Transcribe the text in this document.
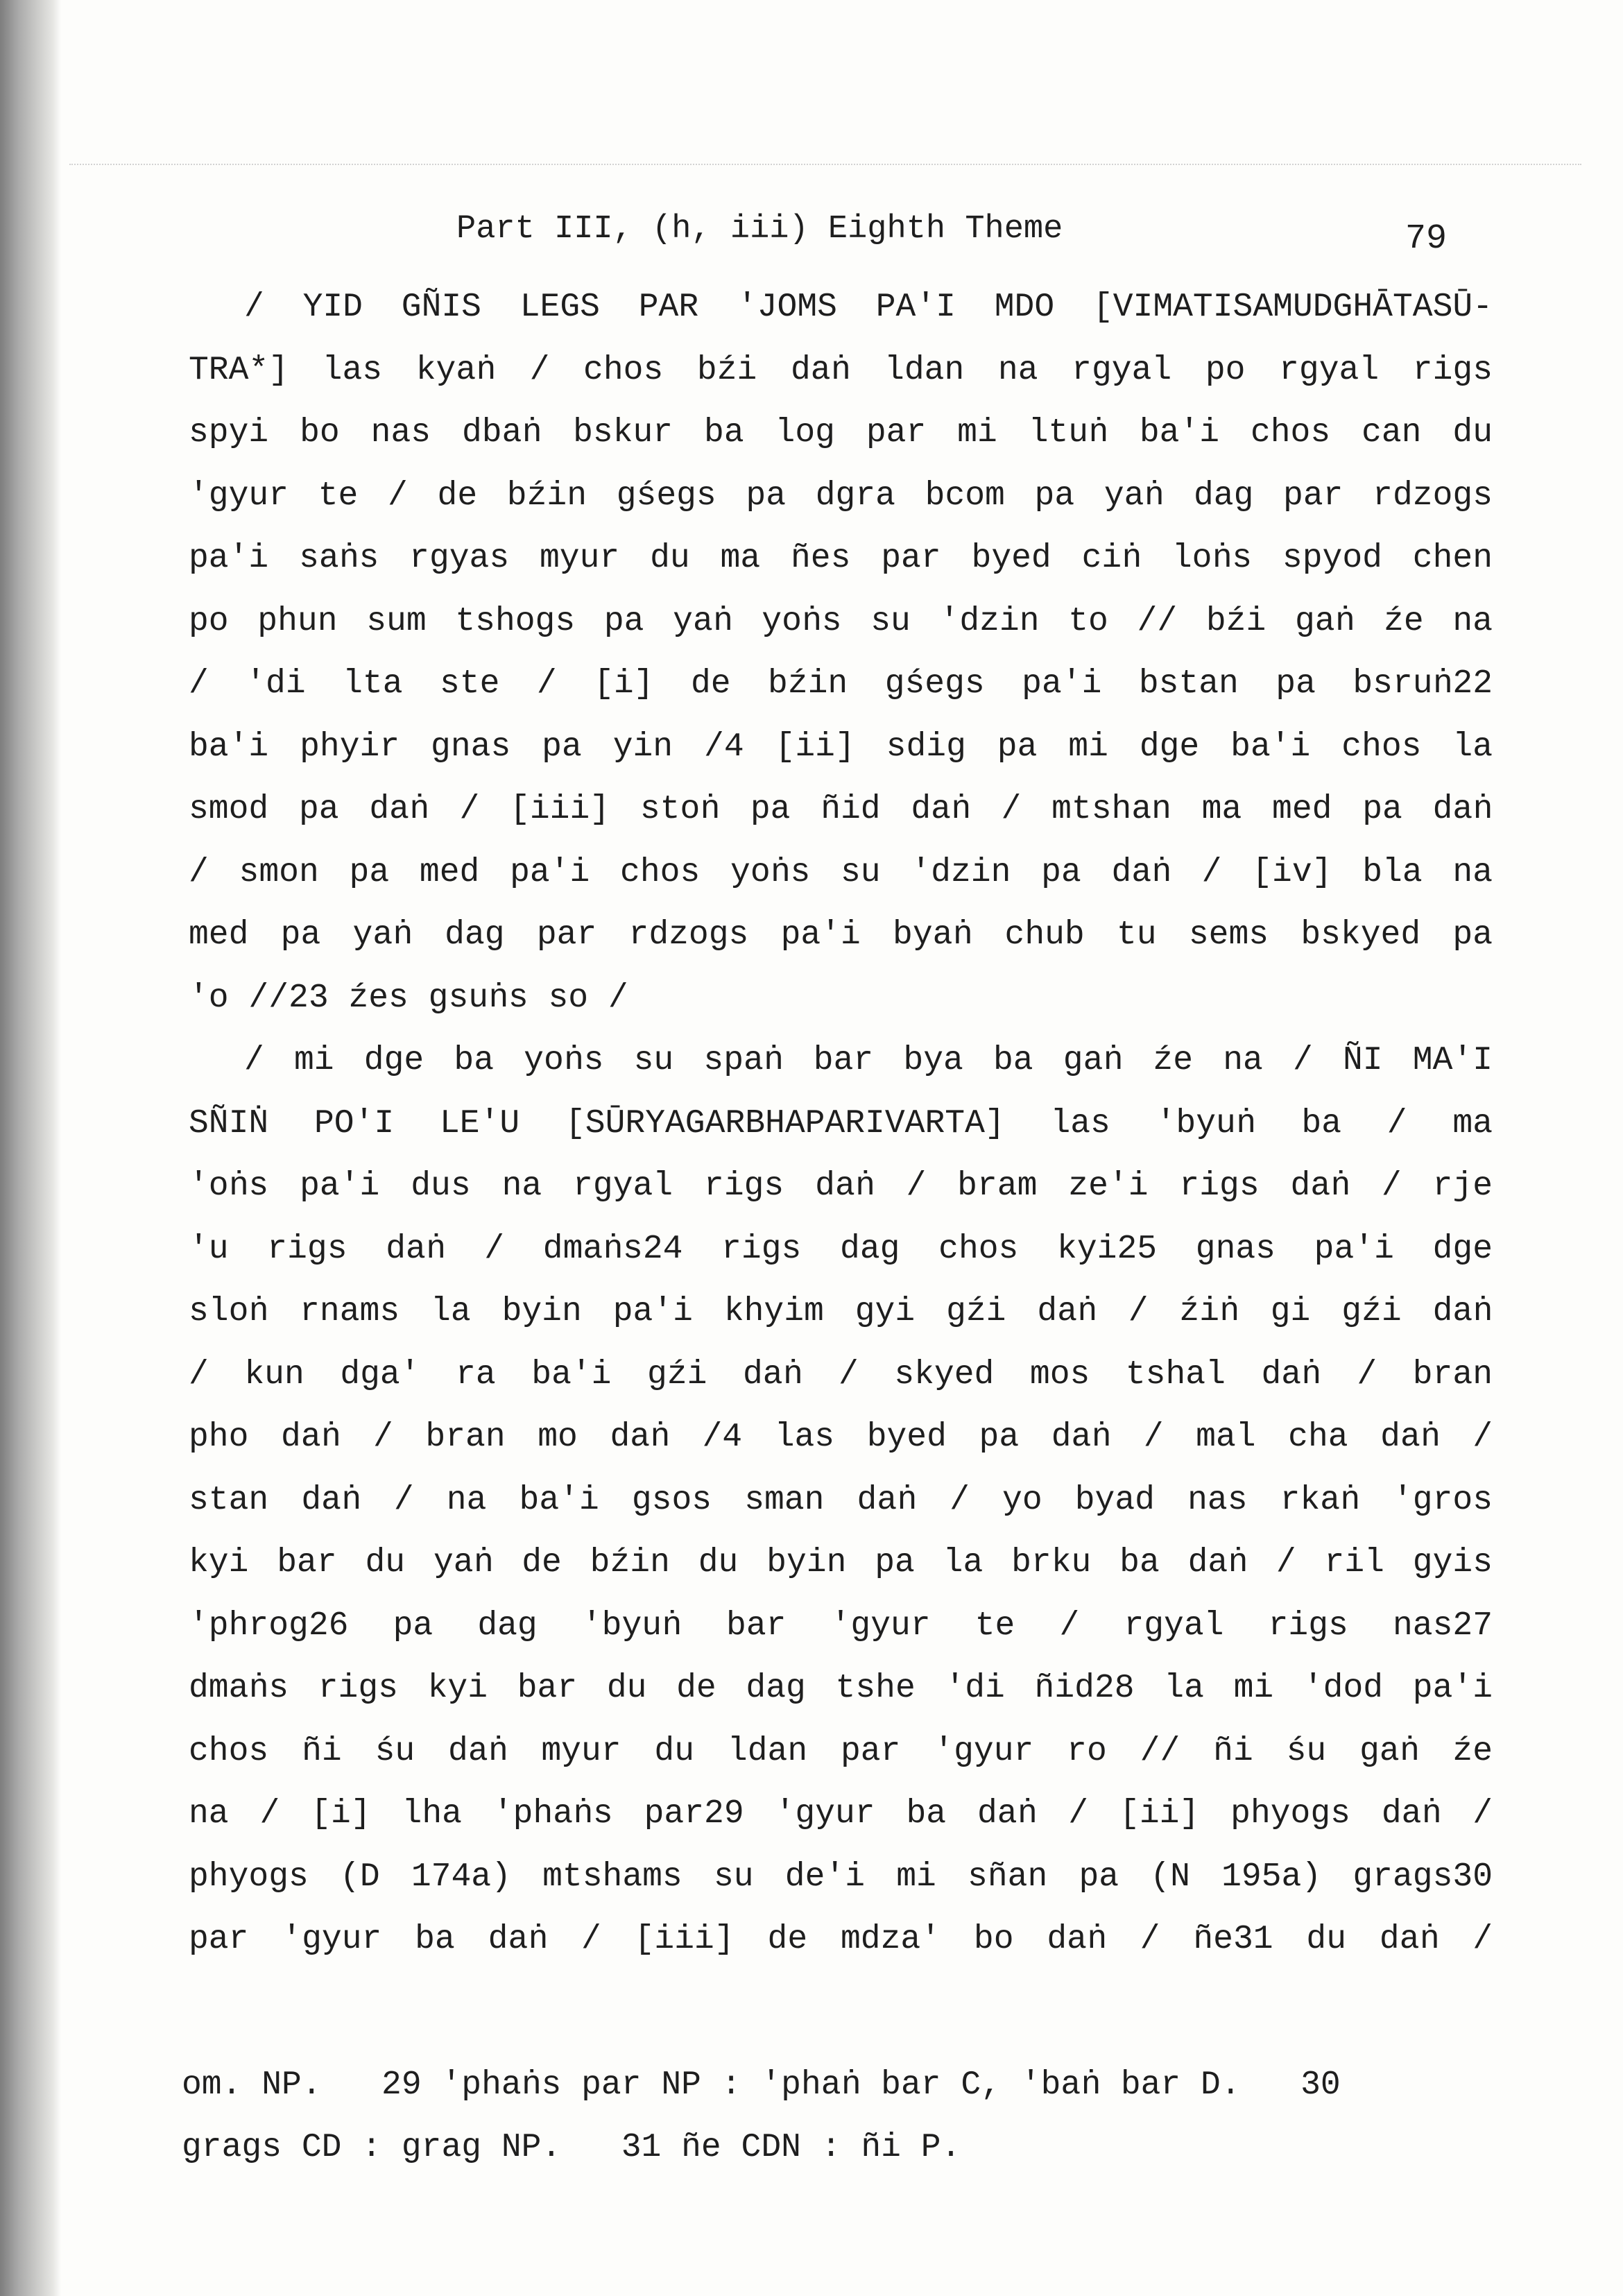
Part III, (h, iii) Eighth Theme	79
/ YID GÑIS LEGS PAR 'JOMS PA'I MDO [VIMATISAMUDGHĀTASŪ-
TRA*] las kyaṅ / chos bźi daṅ ldan na rgyal po rgyal rigs
spyi bo nas dbaṅ bskur ba log par mi ltuṅ ba'i chos can du
'gyur te / de bźin gśegs pa dgra bcom pa yaṅ dag par rdzogs
pa'i saṅs rgyas myur du ma ñes par byed ciṅ loṅs spyod chen
po phun sum tshogs pa yaṅ yoṅs su 'dzin to // bźi gaṅ źe na
/ 'di lta ste / [i] de bźin gśegs pa'i bstan pa bsruṅ22
ba'i phyir gnas pa yin /4 [ii] sdig pa mi dge ba'i chos la
smod pa daṅ / [iii] stoṅ pa ñid daṅ / mtshan ma med pa daṅ
/ smon pa med pa'i chos yoṅs su 'dzin pa daṅ / [iv] bla na
med pa yaṅ dag par rdzogs pa'i byaṅ chub tu sems bskyed pa
'o //23 źes gsuṅs so /
/ mi dge ba yoṅs su spaṅ bar bya ba gaṅ źe na / ÑI MA'I
SÑIṄ PO'I LE'U [SŪRYAGARBHAPARIVARTA] las 'byuṅ ba / ma
'oṅs pa'i dus na rgyal rigs daṅ / bram ze'i rigs daṅ / rje
'u rigs daṅ / dmaṅs24 rigs dag chos kyi25 gnas pa'i dge
sloṅ rnams la byin pa'i khyim gyi gźi daṅ / źiṅ gi gźi daṅ
/ kun dga' ra ba'i gźi daṅ / skyed mos tshal daṅ / bran
pho daṅ / bran mo daṅ /4 las byed pa daṅ / mal cha daṅ /
stan daṅ / na ba'i gsos sman daṅ / yo byad nas rkaṅ 'gros
kyi bar du yaṅ de bźin du byin pa la brku ba daṅ / ril gyis
'phrog26 pa dag 'byuṅ bar 'gyur te / rgyal rigs nas27
dmaṅs rigs kyi bar du de dag tshe 'di ñid28 la mi 'dod pa'i
chos ñi śu daṅ myur du ldan par 'gyur ro // ñi śu gaṅ źe
na / [i] lha 'phaṅs par29 'gyur ba daṅ / [ii] phyogs daṅ /
phyogs (D 174a) mtshams su de'i mi sñan pa (N 195a) grags30
par 'gyur ba daṅ / [iii] de mdza' bo daṅ / ñe31 du daṅ /
om. NP.   29 'phaṅs par NP : 'phaṅ bar C, 'baṅ bar D.   30
grags CD : grag NP.   31 ñe CDN : ñi P.
